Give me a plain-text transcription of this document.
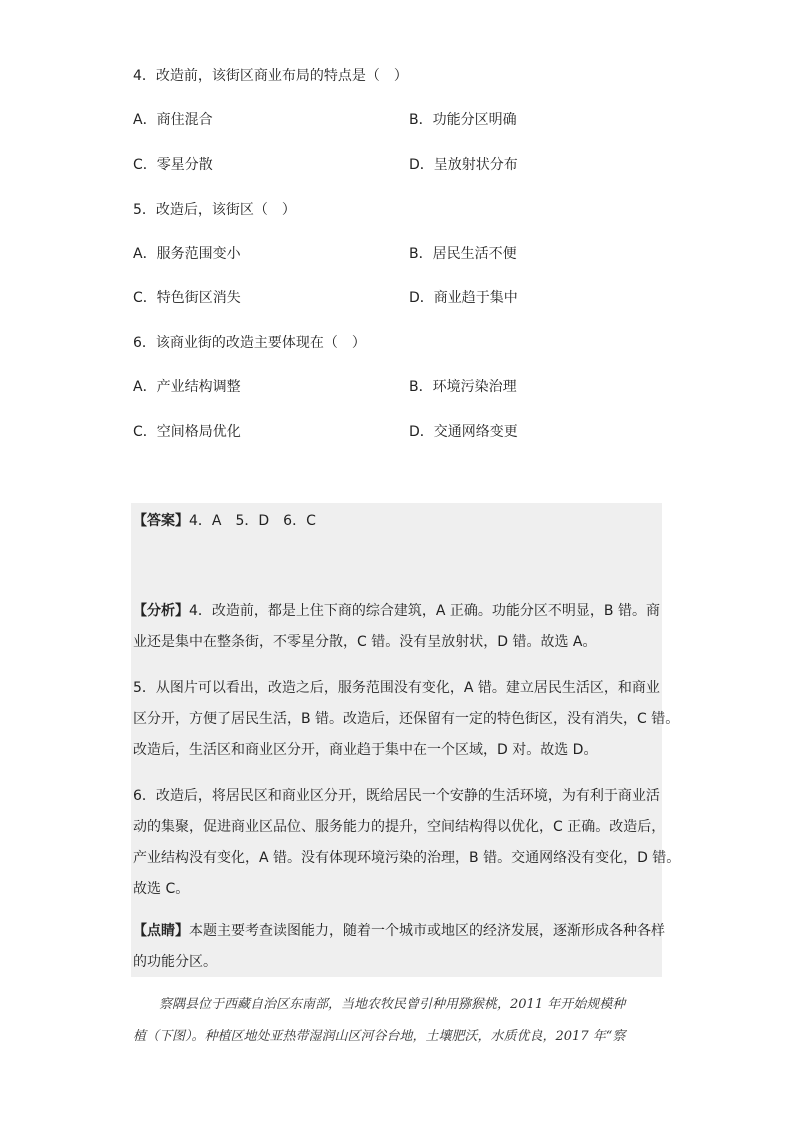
4．改造前，该街区商业布局的特点是（　）
A．商住混合	B．功能分区明确
C．零星分散	D．呈放射状分布
5．改造后，该街区（　）
A．服务范围变小	B．居民生活不便
C．特色街区消失	D．商业趋于集中
6．该商业街的改造主要体现在（　）
A．产业结构调整	B．环境污染治理
C．空间格局优化	D．交通网络变更
【答案】4．A　5．D　6．C
【分析】4．改造前，都是上住下商的综合建筑，A 正确。功能分区不明显，B 错。商
业还是集中在整条街，不零星分散，C 错。没有呈放射状，D 错。故选 A。
5．从图片可以看出，改造之后，服务范围没有变化，A 错。建立居民生活区，和商业
区分开，方便了居民生活，B 错。改造后，还保留有一定的特色街区，没有消失，C 错。
改造后，生活区和商业区分开，商业趋于集中在一个区域，D 对。故选 D。
6．改造后，将居民区和商业区分开，既给居民一个安静的生活环境，为有利于商业活
动的集聚，促进商业区品位、服务能力的提升，空间结构得以优化，C 正确。改造后，
产业结构没有变化，A 错。没有体现环境污染的治理，B 错。交通网络没有变化，D 错。
故选 C。
【点睛】本题主要考查读图能力，随着一个城市或地区的经济发展，逐渐形成各种各样
的功能分区。
　　察隅县位于西藏自治区东南部，当地农牧民曾引种用猕猴桃，2011 年开始规模种
植（下图）。种植区地处亚热带湿润山区河谷台地，土壤肥沃，水质优良，2017 年“察
